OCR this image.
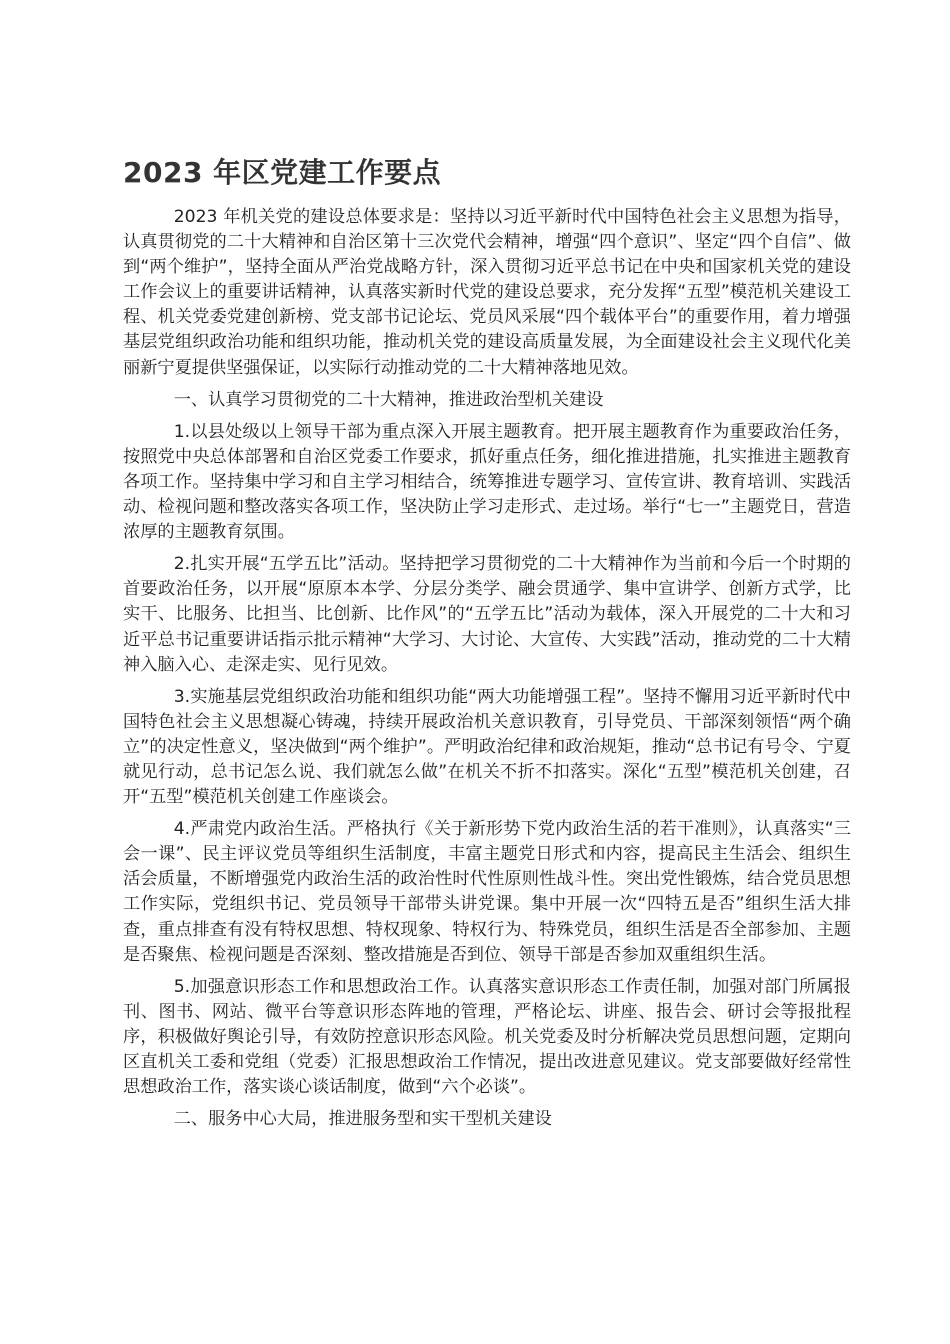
2023 年区党建工作要点

2023 年机关党的建设总体要求是：坚持以习近平新时代中国特色社会主义思想为指导，认真贯彻党的二十大精神和自治区第十三次党代会精神，增强“四个意识”、坚定“四个自信”、做到“两个维护”，坚持全面从严治党战略方针，深入贯彻习近平总书记在中央和国家机关党的建设工作会议上的重要讲话精神，认真落实新时代党的建设总要求，充分发挥“五型”模范机关建设工程、机关党委党建创新榜、党支部书记论坛、党员风采展“四个载体平台”的重要作用，着力增强基层党组织政治功能和组织功能，推动机关党的建设高质量发展，为全面建设社会主义现代化美丽新宁夏提供坚强保证，以实际行动推动党的二十大精神落地见效。

一、认真学习贯彻党的二十大精神，推进政治型机关建设

1.以县处级以上领导干部为重点深入开展主题教育。把开展主题教育作为重要政治任务，按照党中央总体部署和自治区党委工作要求，抓好重点任务，细化推进措施，扎实推进主题教育各项工作。坚持集中学习和自主学习相结合，统筹推进专题学习、宣传宣讲、教育培训、实践活动、检视问题和整改落实各项工作，坚决防止学习走形式、走过场。举行“七一”主题党日，营造浓厚的主题教育氛围。

2.扎实开展“五学五比”活动。坚持把学习贯彻党的二十大精神作为当前和今后一个时期的首要政治任务，以开展“原原本本学、分层分类学、融会贯通学、集中宣讲学、创新方式学，比实干、比服务、比担当、比创新、比作风”的“五学五比”活动为载体，深入开展党的二十大和习近平总书记重要讲话指示批示精神“大学习、大讨论、大宣传、大实践”活动，推动党的二十大精神入脑入心、走深走实、见行见效。

3.实施基层党组织政治功能和组织功能“两大功能增强工程”。坚持不懈用习近平新时代中国特色社会主义思想凝心铸魂，持续开展政治机关意识教育，引导党员、干部深刻领悟“两个确立”的决定性意义，坚决做到“两个维护”。严明政治纪律和政治规矩，推动“总书记有号令、宁夏就见行动，总书记怎么说、我们就怎么做”在机关不折不扣落实。深化“五型”模范机关创建，召开“五型”模范机关创建工作座谈会。

4.严肃党内政治生活。严格执行《关于新形势下党内政治生活的若干准则》，认真落实“三会一课”、民主评议党员等组织生活制度，丰富主题党日形式和内容，提高民主生活会、组织生活会质量，不断增强党内政治生活的政治性时代性原则性战斗性。突出党性锻炼，结合党员思想工作实际，党组织书记、党员领导干部带头讲党课。集中开展一次“四特五是否”组织生活大排查，重点排查有没有特权思想、特权现象、特权行为、特殊党员，组织生活是否全部参加、主题是否聚焦、检视问题是否深刻、整改措施是否到位、领导干部是否参加双重组织生活。

5.加强意识形态工作和思想政治工作。认真落实意识形态工作责任制，加强对部门所属报刊、图书、网站、微平台等意识形态阵地的管理，严格论坛、讲座、报告会、研讨会等报批程序，积极做好舆论引导，有效防控意识形态风险。机关党委及时分析解决党员思想问题，定期向区直机关工委和党组（党委）汇报思想政治工作情况，提出改进意见建议。党支部要做好经常性思想政治工作，落实谈心谈话制度，做到“六个必谈”。

二、服务中心大局，推进服务型和实干型机关建设
